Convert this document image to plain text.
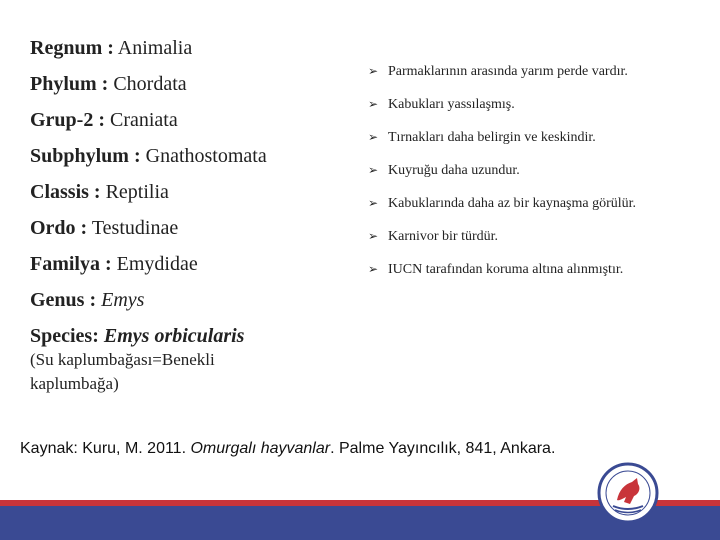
Regnum : Animalia
Phylum : Chordata
Grup-2 : Craniata
Subphylum : Gnathostomata
Classis : Reptilia
Ordo : Testudinae
Familya : Emydidae
Genus : Emys
Species: Emys orbicularis
(Su kaplumbağası=Benekli kaplumbağa)
➢ Parmaklarının arasında yarım perde vardır.
➢ Kabukları yassılaşmış.
➢ Tırnakları daha belirgin ve keskindir.
➢ Kuyruğu daha uzundur.
➢ Kabuklarında daha az bir kaynaşma görülür.
➢ Karnivor bir türdür.
➢ IUCN tarafından koruma altına alınmıştır.
Kaynak: Kuru, M. 2011. Omurgalı hayvanlar. Palme Yayıncılık, 841, Ankara.
